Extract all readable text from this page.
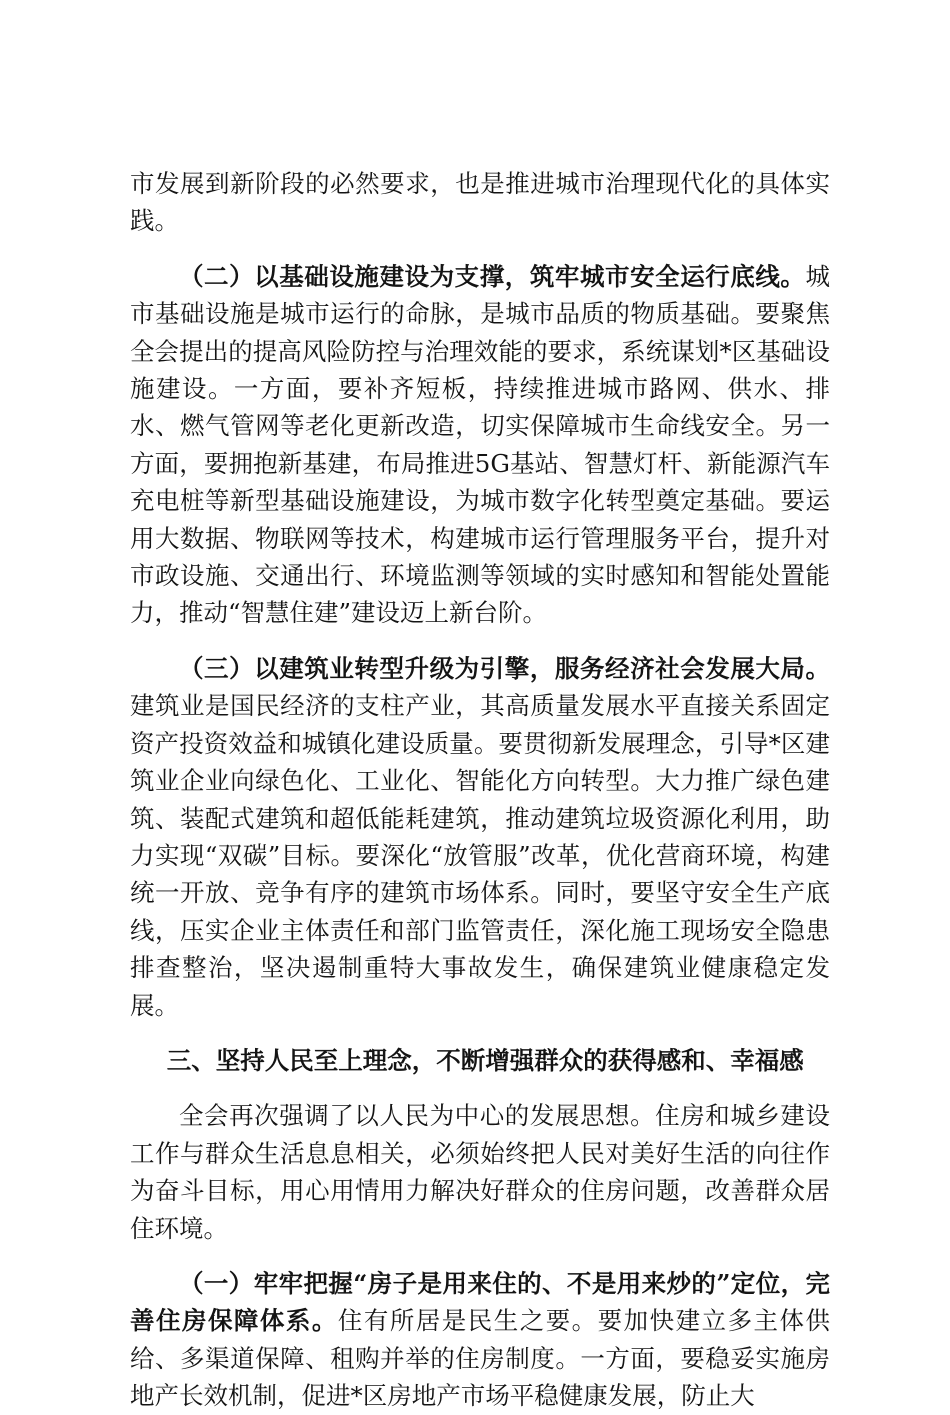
市发展到新阶段的必然要求，也是推进城市治理现代化的具体实践。

（二）以基础设施建设为支撑，筑牢城市安全运行底线。城市基础设施是城市运行的命脉，是城市品质的物质基础。要聚焦全会提出的提高风险防控与治理效能的要求，系统谋划*区基础设施建设。一方面，要补齐短板，持续推进城市路网、供水、排水、燃气管网等老化更新改造，切实保障城市生命线安全。另一方面，要拥抱新基建，布局推进5G基站、智慧灯杆、新能源汽车充电桩等新型基础设施建设，为城市数字化转型奠定基础。要运用大数据、物联网等技术，构建城市运行管理服务平台，提升对市政设施、交通出行、环境监测等领域的实时感知和智能处置能力，推动“智慧住建”建设迈上新台阶。

（三）以建筑业转型升级为引擎，服务经济社会发展大局。建筑业是国民经济的支柱产业，其高质量发展水平直接关系固定资产投资效益和城镇化建设质量。要贯彻新发展理念，引导*区建筑业企业向绿色化、工业化、智能化方向转型。大力推广绿色建筑、装配式建筑和超低能耗建筑，推动建筑垃圾资源化利用，助力实现“双碳”目标。要深化“放管服”改革，优化营商环境，构建统一开放、竞争有序的建筑市场体系。同时，要坚守安全生产底线，压实企业主体责任和部门监管责任，深化施工现场安全隐患排查整治，坚决遏制重特大事故发生，确保建筑业健康稳定发展。

三、坚持人民至上理念，不断增强群众的获得感和、幸福感

全会再次强调了以人民为中心的发展思想。住房和城乡建设工作与群众生活息息相关，必须始终把人民对美好生活的向往作为奋斗目标，用心用情用力解决好群众的住房问题，改善群众居住环境。

（一）牢牢把握“房子是用来住的、不是用来炒的”定位，完善住房保障体系。住有所居是民生之要。要加快建立多主体供给、多渠道保障、租购并举的住房制度。一方面，要稳妥实施房地产长效机制，促进*区房地产市场平稳健康发展，防止大
